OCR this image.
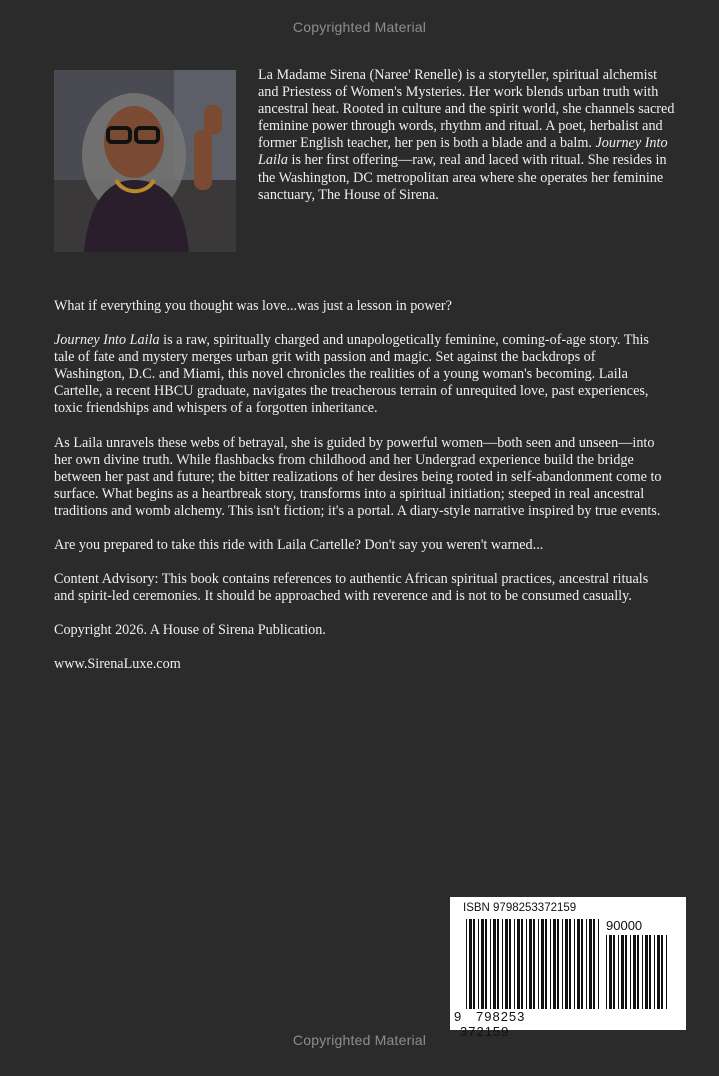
Copyrighted Material

La Madame Sirena (Naree' Renelle) is a storyteller, spiritual alchemist and Priestess of Women's Mysteries. Her work blends urban truth with ancestral heat. Rooted in culture and the spirit world, she channels sacred feminine power through words, rhythm and ritual. A poet, herbalist and former English teacher, her pen is both a blade and a balm. Journey Into Laila is her first offering—raw, real and laced with ritual. She resides in the Washington, DC metropolitan area where she operates her feminine sanctuary, The House of Sirena.

What if everything you thought was love...was just a lesson in power?

Journey Into Laila is a raw, spiritually charged and unapologetically feminine, coming-of-age story. This tale of fate and mystery merges urban grit with passion and magic. Set against the backdrops of Washington, D.C. and Miami, this novel chronicles the realities of a young woman's becoming. Laila Cartelle, a recent HBCU graduate, navigates the treacherous terrain of unrequited love, past experiences, toxic friendships and whispers of a forgotten inheritance.

As Laila unravels these webs of betrayal, she is guided by powerful women—both seen and unseen—into her own divine truth. While flashbacks from childhood and her Undergrad experience build the bridge between her past and future; the bitter realizations of her desires being rooted in self-abandonment come to surface. What begins as a heartbreak story, transforms into a spiritual initiation; steeped in real ancestral traditions and womb alchemy. This isn't fiction; it's a portal. A diary-style narrative inspired by true events.

Are you prepared to take this ride with Laila Cartelle? Don't say you weren't warned...

Content Advisory: This book contains references to authentic African spiritual practices, ancestral rituals and spirit-led ceremonies. It should be approached with reverence and is not to be consumed casually.

Copyright 2026. A House of Sirena Publication.

www.SirenaLuxe.com

ISBN 9798253372159
90000
9 798253372159
Copyrighted Material
